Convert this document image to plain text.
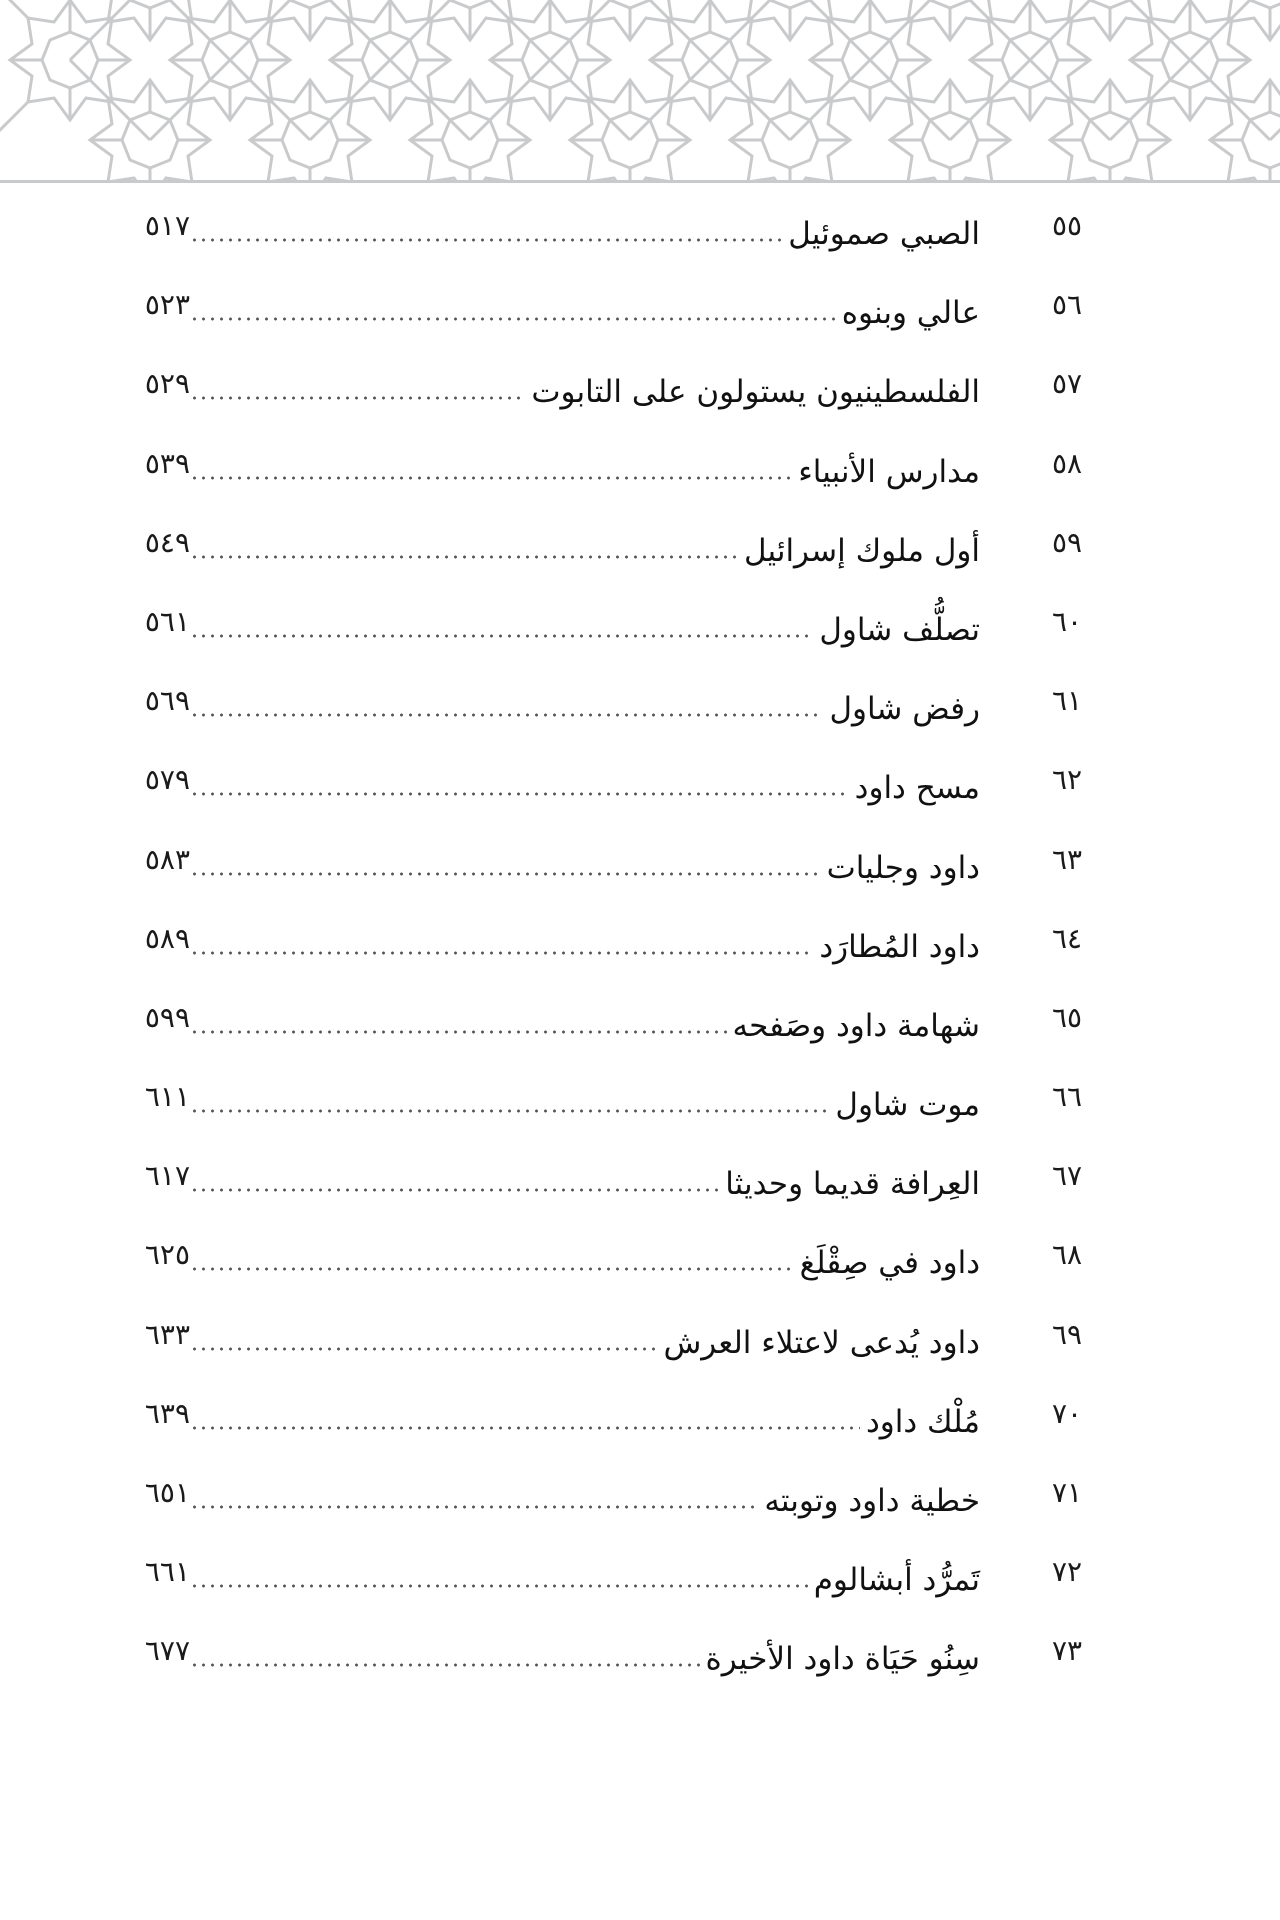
٥٥
الصبي صموئيل
٥١٧
٥٦
عالي وبنوه
٥٢٣
٥٧
الفلسطينيون يستولون على التابوت
٥٢٩
٥٨
مدارس الأنبياء
٥٣٩
٥٩
أول ملوك إسرائيل
٥٤٩
٦٠
تصلُّف شاول
٥٦١
٦١
رفض شاول
٥٦٩
٦٢
مسح داود
٥٧٩
٦٣
داود وجليات
٥٨٣
٦٤
داود المُطارَد
٥٨٩
٦٥
شهامة داود وصَفحه
٥٩٩
٦٦
موت شاول
٦١١
٦٧
العِرافة قديما وحديثا
٦١٧
٦٨
داود في صِقْلَغ
٦٢٥
٦٩
داود يُدعى لاعتلاء العرش
٦٣٣
٧٠
مُلْك داود
٦٣٩
٧١
خطية داود وتوبته
٦٥١
٧٢
تَمرُّد أبشالوم
٦٦١
٧٣
سِنُو حَيَاة داود الأخيرة
٦٧٧
